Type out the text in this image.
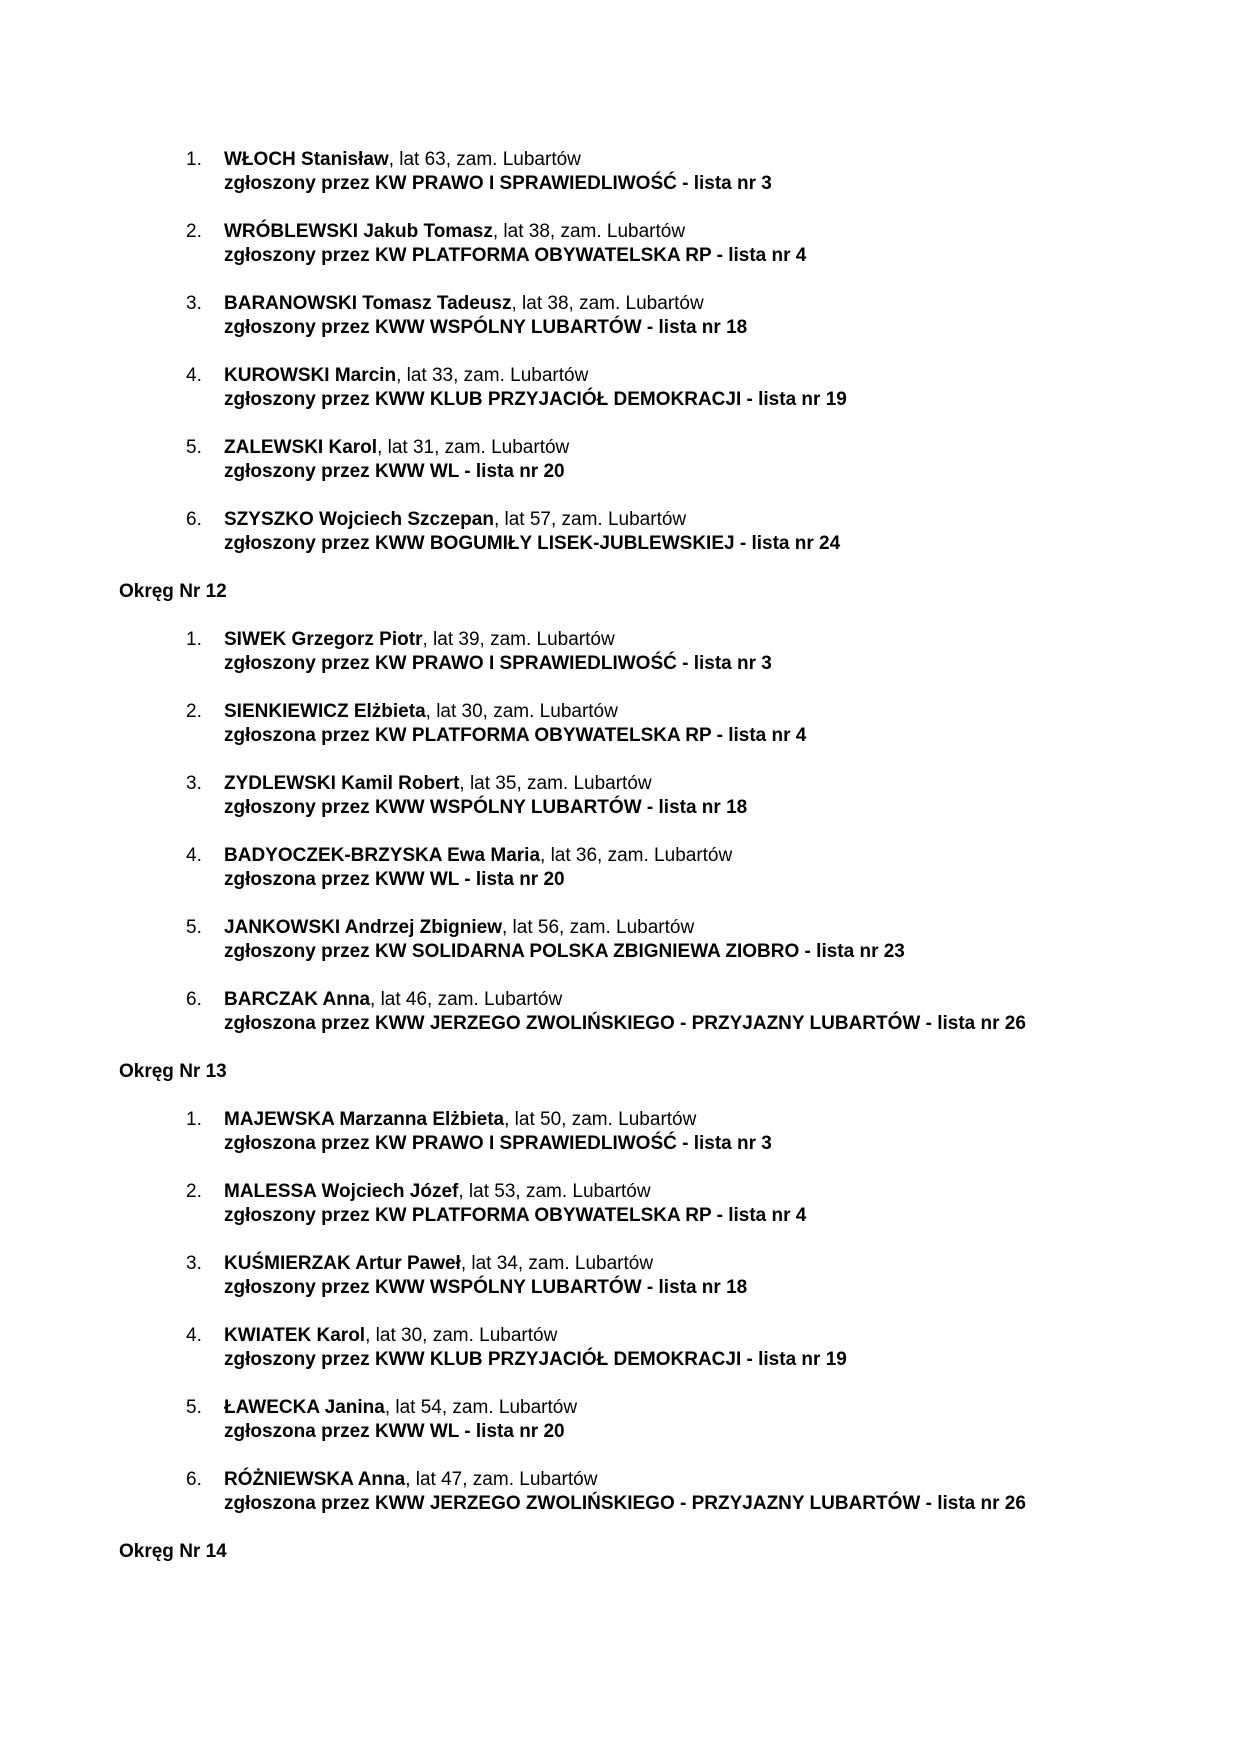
1. WŁOCH Stanisław, lat 63, zam. Lubartów
zgłoszony przez KW PRAWO I SPRAWIEDLIWOŚĆ - lista nr 3
2. WRÓBLEWSKI Jakub Tomasz, lat 38, zam. Lubartów
zgłoszony przez KW PLATFORMA OBYWATELSKA RP - lista nr 4
3. BARANOWSKI Tomasz Tadeusz, lat 38, zam. Lubartów
zgłoszony przez KWW WSPÓLNY LUBARTÓW - lista nr 18
4. KUROWSKI Marcin, lat 33, zam. Lubartów
zgłoszony przez KWW KLUB PRZYJACIÓŁ DEMOKRACJI - lista nr 19
5. ZALEWSKI Karol, lat 31, zam. Lubartów
zgłoszony przez KWW WL - lista nr 20
6. SZYSZKO Wojciech Szczepan, lat 57, zam. Lubartów
zgłoszony przez KWW BOGUMIŁY LISEK-JUBLEWSKIEJ - lista nr 24
Okręg Nr 12
1. SIWEK Grzegorz Piotr, lat 39, zam. Lubartów
zgłoszony przez KW PRAWO I SPRAWIEDLIWOŚĆ - lista nr 3
2. SIENKIEWICZ Elżbieta, lat 30, zam. Lubartów
zgłoszona przez KW PLATFORMA OBYWATELSKA RP - lista nr 4
3. ZYDLEWSKI Kamil Robert, lat 35, zam. Lubartów
zgłoszony przez KWW WSPÓLNY LUBARTÓW - lista nr 18
4. BADYOCZEK-BRZYSKA Ewa Maria, lat 36, zam. Lubartów
zgłoszona przez KWW WL - lista nr 20
5. JANKOWSKI Andrzej Zbigniew, lat 56, zam. Lubartów
zgłoszony przez KW SOLIDARNA POLSKA ZBIGNIEWA ZIOBRO - lista nr 23
6. BARCZAK Anna, lat 46, zam. Lubartów
zgłoszona przez KWW JERZEGO ZWOLIŃSKIEGO - PRZYJAZNY LUBARTÓW - lista nr 26
Okręg Nr 13
1. MAJEWSKA Marzanna Elżbieta, lat 50, zam. Lubartów
zgłoszona przez KW PRAWO I SPRAWIEDLIWOŚĆ - lista nr 3
2. MALESSA Wojciech Józef, lat 53, zam. Lubartów
zgłoszony przez KW PLATFORMA OBYWATELSKA RP - lista nr 4
3. KUŚMIERZAK Artur Paweł, lat 34, zam. Lubartów
zgłoszony przez KWW WSPÓLNY LUBARTÓW - lista nr 18
4. KWIATEK Karol, lat 30, zam. Lubartów
zgłoszony przez KWW KLUB PRZYJACIÓŁ DEMOKRACJI - lista nr 19
5. ŁAWECKA Janina, lat 54, zam. Lubartów
zgłoszona przez KWW WL - lista nr 20
6. RÓŻNIEWSKA Anna, lat 47, zam. Lubartów
zgłoszona przez KWW JERZEGO ZWOLIŃSKIEGO - PRZYJAZNY LUBARTÓW - lista nr 26
Okręg Nr 14
